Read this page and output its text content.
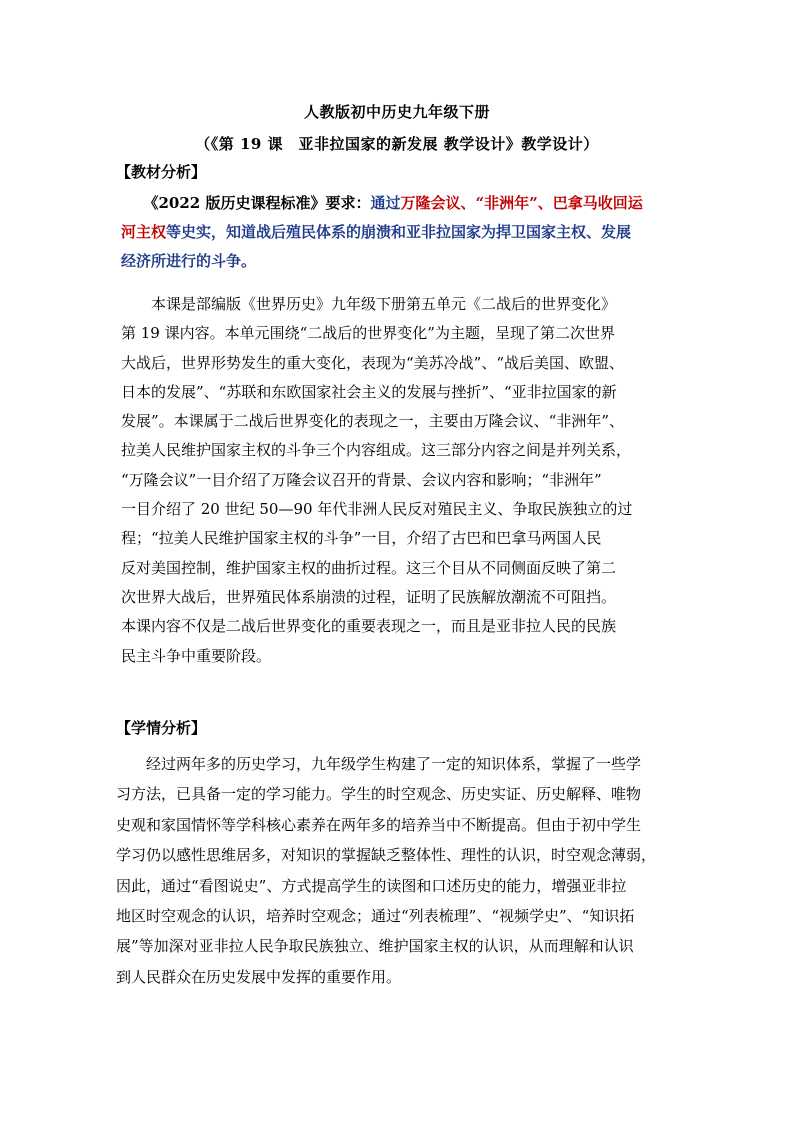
人教版初中历史九年级下册
（《第 19 课　亚非拉国家的新发展 教学设计》教学设计）
【教材分析】
　　《2022 版历史课程标准》要求：通过万隆会议、“非洲年”、巴拿马收回运
河主权等史实，知道战后殖民体系的崩溃和亚非拉国家为捍卫国家主权、发展
经济所进行的斗争。
　　本课是部编版《世界历史》九年级下册第五单元《二战后的世界变化》
第 19 课内容。本单元围绕“二战后的世界变化”为主题，呈现了第二次世界
大战后，世界形势发生的重大变化，表现为“美苏冷战”、“战后美国、欧盟、
日本的发展”、“苏联和东欧国家社会主义的发展与挫折”、“亚非拉国家的新
发展”。本课属于二战后世界变化的表现之一，主要由万隆会议、“非洲年”、
拉美人民维护国家主权的斗争三个内容组成。这三部分内容之间是并列关系，
“万隆会议”一目介绍了万隆会议召开的背景、会议内容和影响；“非洲年”
一目介绍了 20 世纪 50—90 年代非洲人民反对殖民主义、争取民族独立的过
程；“拉美人民维护国家主权的斗争”一目，介绍了古巴和巴拿马两国人民
反对美国控制，维护国家主权的曲折过程。这三个目从不同侧面反映了第二
次世界大战后，世界殖民体系崩溃的过程，证明了民族解放潮流不可阻挡。
本课内容不仅是二战后世界变化的重要表现之一，而且是亚非拉人民的民族
民主斗争中重要阶段。
【学情分析】
　　经过两年多的历史学习，九年级学生构建了一定的知识体系，掌握了一些学
习方法，已具备一定的学习能力。学生的时空观念、历史实证、历史解释、唯物
史观和家国情怀等学科核心素养在两年多的培养当中不断提高。但由于初中学生
学习仍以感性思维居多，对知识的掌握缺乏整体性、理性的认识，时空观念薄弱，
因此，通过“看图说史”、方式提高学生的读图和口述历史的能力，增强亚非拉
地区时空观念的认识，培养时空观念；通过“列表梳理”、“视频学史”、“知识拓
展”等加深对亚非拉人民争取民族独立、维护国家主权的认识，从而理解和认识
到人民群众在历史发展中发挥的重要作用。
